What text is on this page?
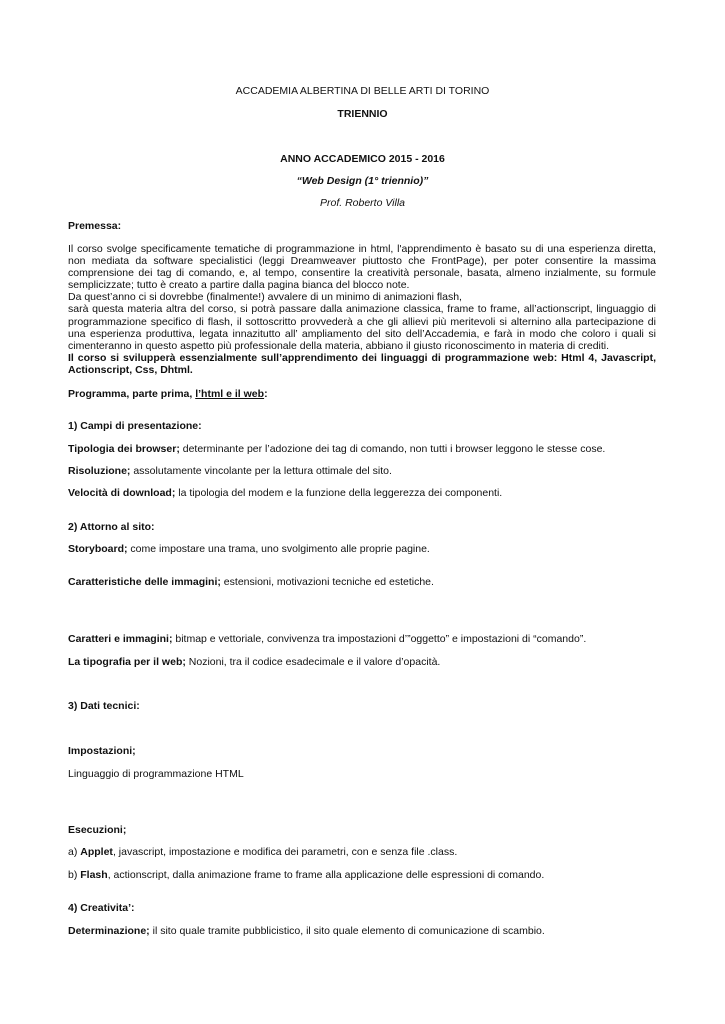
ACCADEMIA ALBERTINA DI BELLE ARTI DI TORINO
TRIENNIO
ANNO ACCADEMICO 2015 - 2016
“Web Design (1° triennio)”
Prof. Roberto Villa
Premessa:

Il corso svolge specificamente tematiche di programmazione in html, l'apprendimento è basato su di una esperienza diretta, non mediata da software specialistici (leggi Dreamweaver piuttosto che FrontPage), per poter consentire la massima comprensione dei tag di comando, e, al tempo, consentire la creatività personale, basata, almeno inzialmente, su formule semplicizzate; tutto è creato a partire dalla pagina bianca del blocco note.

Da quest’anno ci si dovrebbe (finalmente!) avvalere di un minimo di animazioni flash,

sarà questa materia altra del corso, si potrà passare dalla animazione classica, frame to frame, all’actionscript, linguaggio di programmazione specifico di flash, il sottoscritto provvederà a che gli allievi più meritevoli si alternino alla partecipazione di una esperienza produttiva, legata innazitutto all’ ampliamento del sito dell’Accademia, e farà in modo che coloro i quali si cimenteranno in questo aspetto più professionale della materia, abbiano il giusto riconoscimento in materia di crediti.

Il corso si svilupperà essenzialmente sull’apprendimento dei linguaggi di programmazione web: Html 4, Javascript, Actionscript, Css, Dhtml.

Programma, parte prima, l’html e il web:
1) Campi di presentazione:
Tipologia dei browser; determinante per l’adozione dei tag di comando, non tutti i browser leggono le stesse cose.
Risoluzione; assolutamente vincolante per la lettura ottimale del sito.
Velocità di download; la tipologia del modem e la funzione della leggerezza dei componenti.
2) Attorno al sito:
Storyboard; come impostare una trama, uno svolgimento alle proprie pagine.
Caratteristiche delle immagini; estensioni, motivazioni tecniche ed estetiche.
Caratteri e immagini; bitmap e vettoriale, convivenza tra impostazioni d’”oggetto” e impostazioni di “comando”.
La tipografia per il web; Nozioni, tra il codice esadecimale e il valore d’opacità.
3) Dati tecnici:
Impostazioni;
Linguaggio di programmazione HTML
Esecuzioni;
a) Applet, javascript, impostazione e modifica dei parametri, con e senza file .class.
b) Flash, actionscript, dalla animazione frame to frame alla applicazione delle espressioni di comando.
4) Creativita’:
Determinazione; il sito quale tramite pubblicistico, il sito quale elemento di comunicazione di scambio.
